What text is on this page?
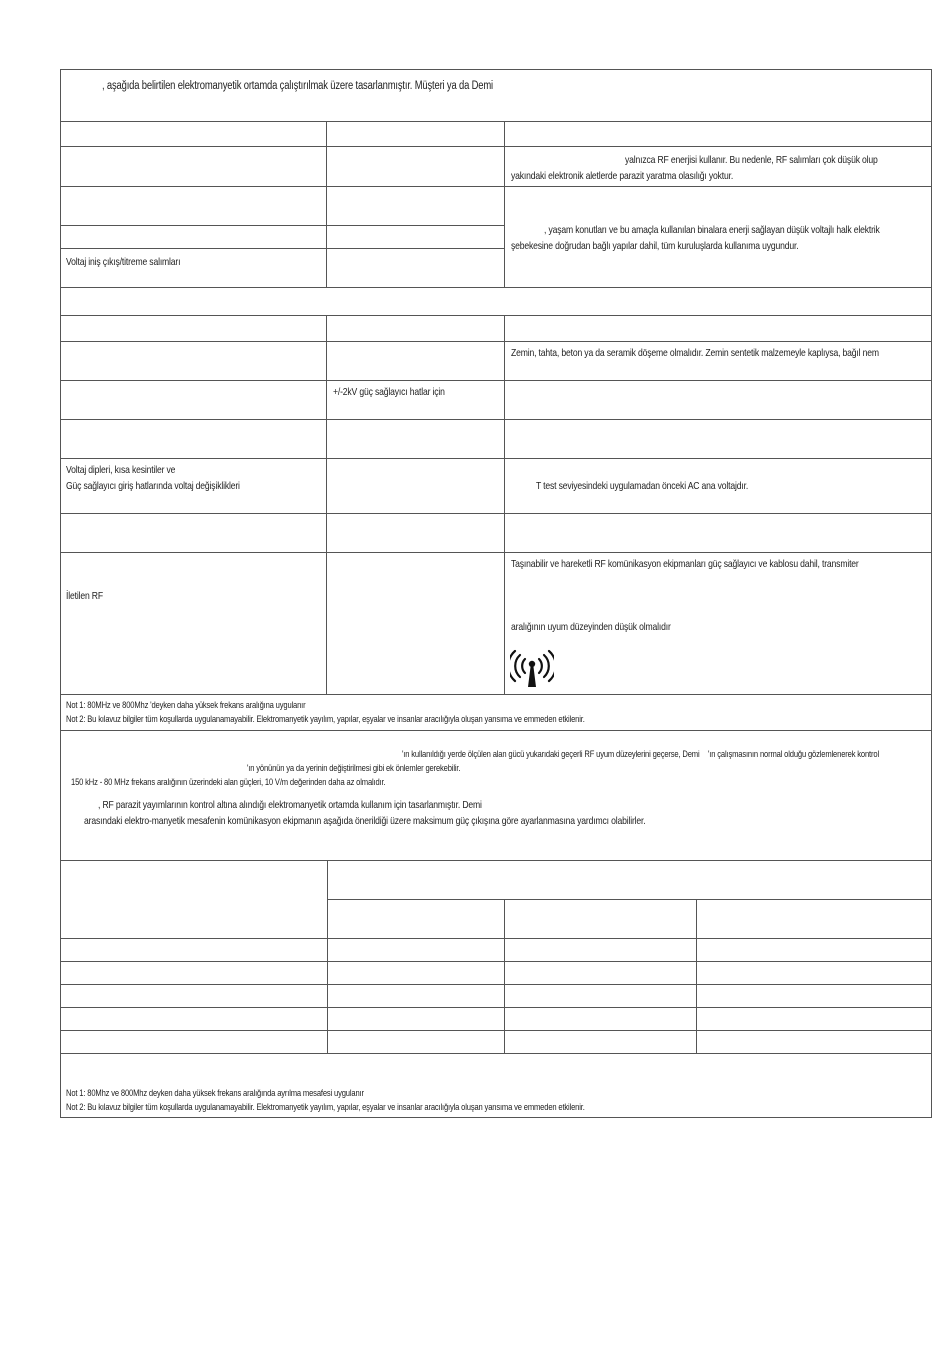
, aşağıda belirtilen elektromanyetik ortamda çalıştırılmak üzere tasarlanmıştır. Müşteri ya da Demi
yalnızca RF enerjisi kullanır. Bu nedenle, RF salımları çok düşük olup
yakındaki elektronik aletlerde parazit yaratma olasılığı yoktur.
, yaşam konutları ve bu amaçla kullanılan binalara enerji sağlayan düşük voltajlı halk elektrik
şebekesine doğrudan bağlı yapılar dahil, tüm kuruluşlarda kullanıma uygundur.
Voltaj iniş çıkış/titreme salımları
Zemin, tahta, beton ya da seramik döşeme olmalıdır. Zemin sentetik malzemeyle kaplıysa, bağıl nem
+/-2kV güç sağlayıcı hatlar için
Voltaj dipleri, kısa kesintiler ve
Güç sağlayıcı giriş hatlarında voltaj değişiklikleri	T test seviyesindeki uygulamadan önceki AC ana voltajdır.
İletilen RF
Taşınabilir ve hareketli RF komünikasyon ekipmanları güç sağlayıcı ve kablosu dahil, transmiter
aralığının uyum düzeyinden düşük olmalıdır
Not 1: 80MHz ve 800Mhz 'deyken daha yüksek frekans aralığına uygulanır
Not 2: Bu kılavuz bilgiler tüm koşullarda uygulanamayabilir. Elektromanyetik yayılım, yapılar, eşyalar ve insanlar aracılığıyla oluşan yansıma ve emmeden etkilenir.
'ın kullanıldığı yerde ölçülen alan gücü yukarıdaki geçerli RF uyum düzeylerini geçerse, Demi 'ın çalışmasının normal olduğu gözlemlenerek kontrol
'ın yönünün ya da yerinin değiştirilmesi gibi ek önlemler gerekebilir.
150 kHz - 80 MHz frekans aralığının üzerindeki alan güçleri, 10 V/m değerinden daha az olmalıdır.
, RF parazit yayımlarının kontrol altına alındığı elektromanyetik ortamda kullanım için tasarlanmıştır. Demi
arasındaki elektro-manyetik mesafenin komünikasyon ekipmanın aşağıda önerildiği üzere maksimum güç çıkışına göre ayarlanmasına yardımcı olabilirler.
Not 1: 80Mhz ve 800Mhz deyken daha yüksek frekans aralığında ayrılma mesafesi uygulanır
Not 2: Bu kılavuz bilgiler tüm koşullarda uygulanamayabilir. Elektromanyetik yayılım, yapılar, eşyalar ve insanlar aracılığıyla oluşan yansıma ve emmeden etkilenir.
